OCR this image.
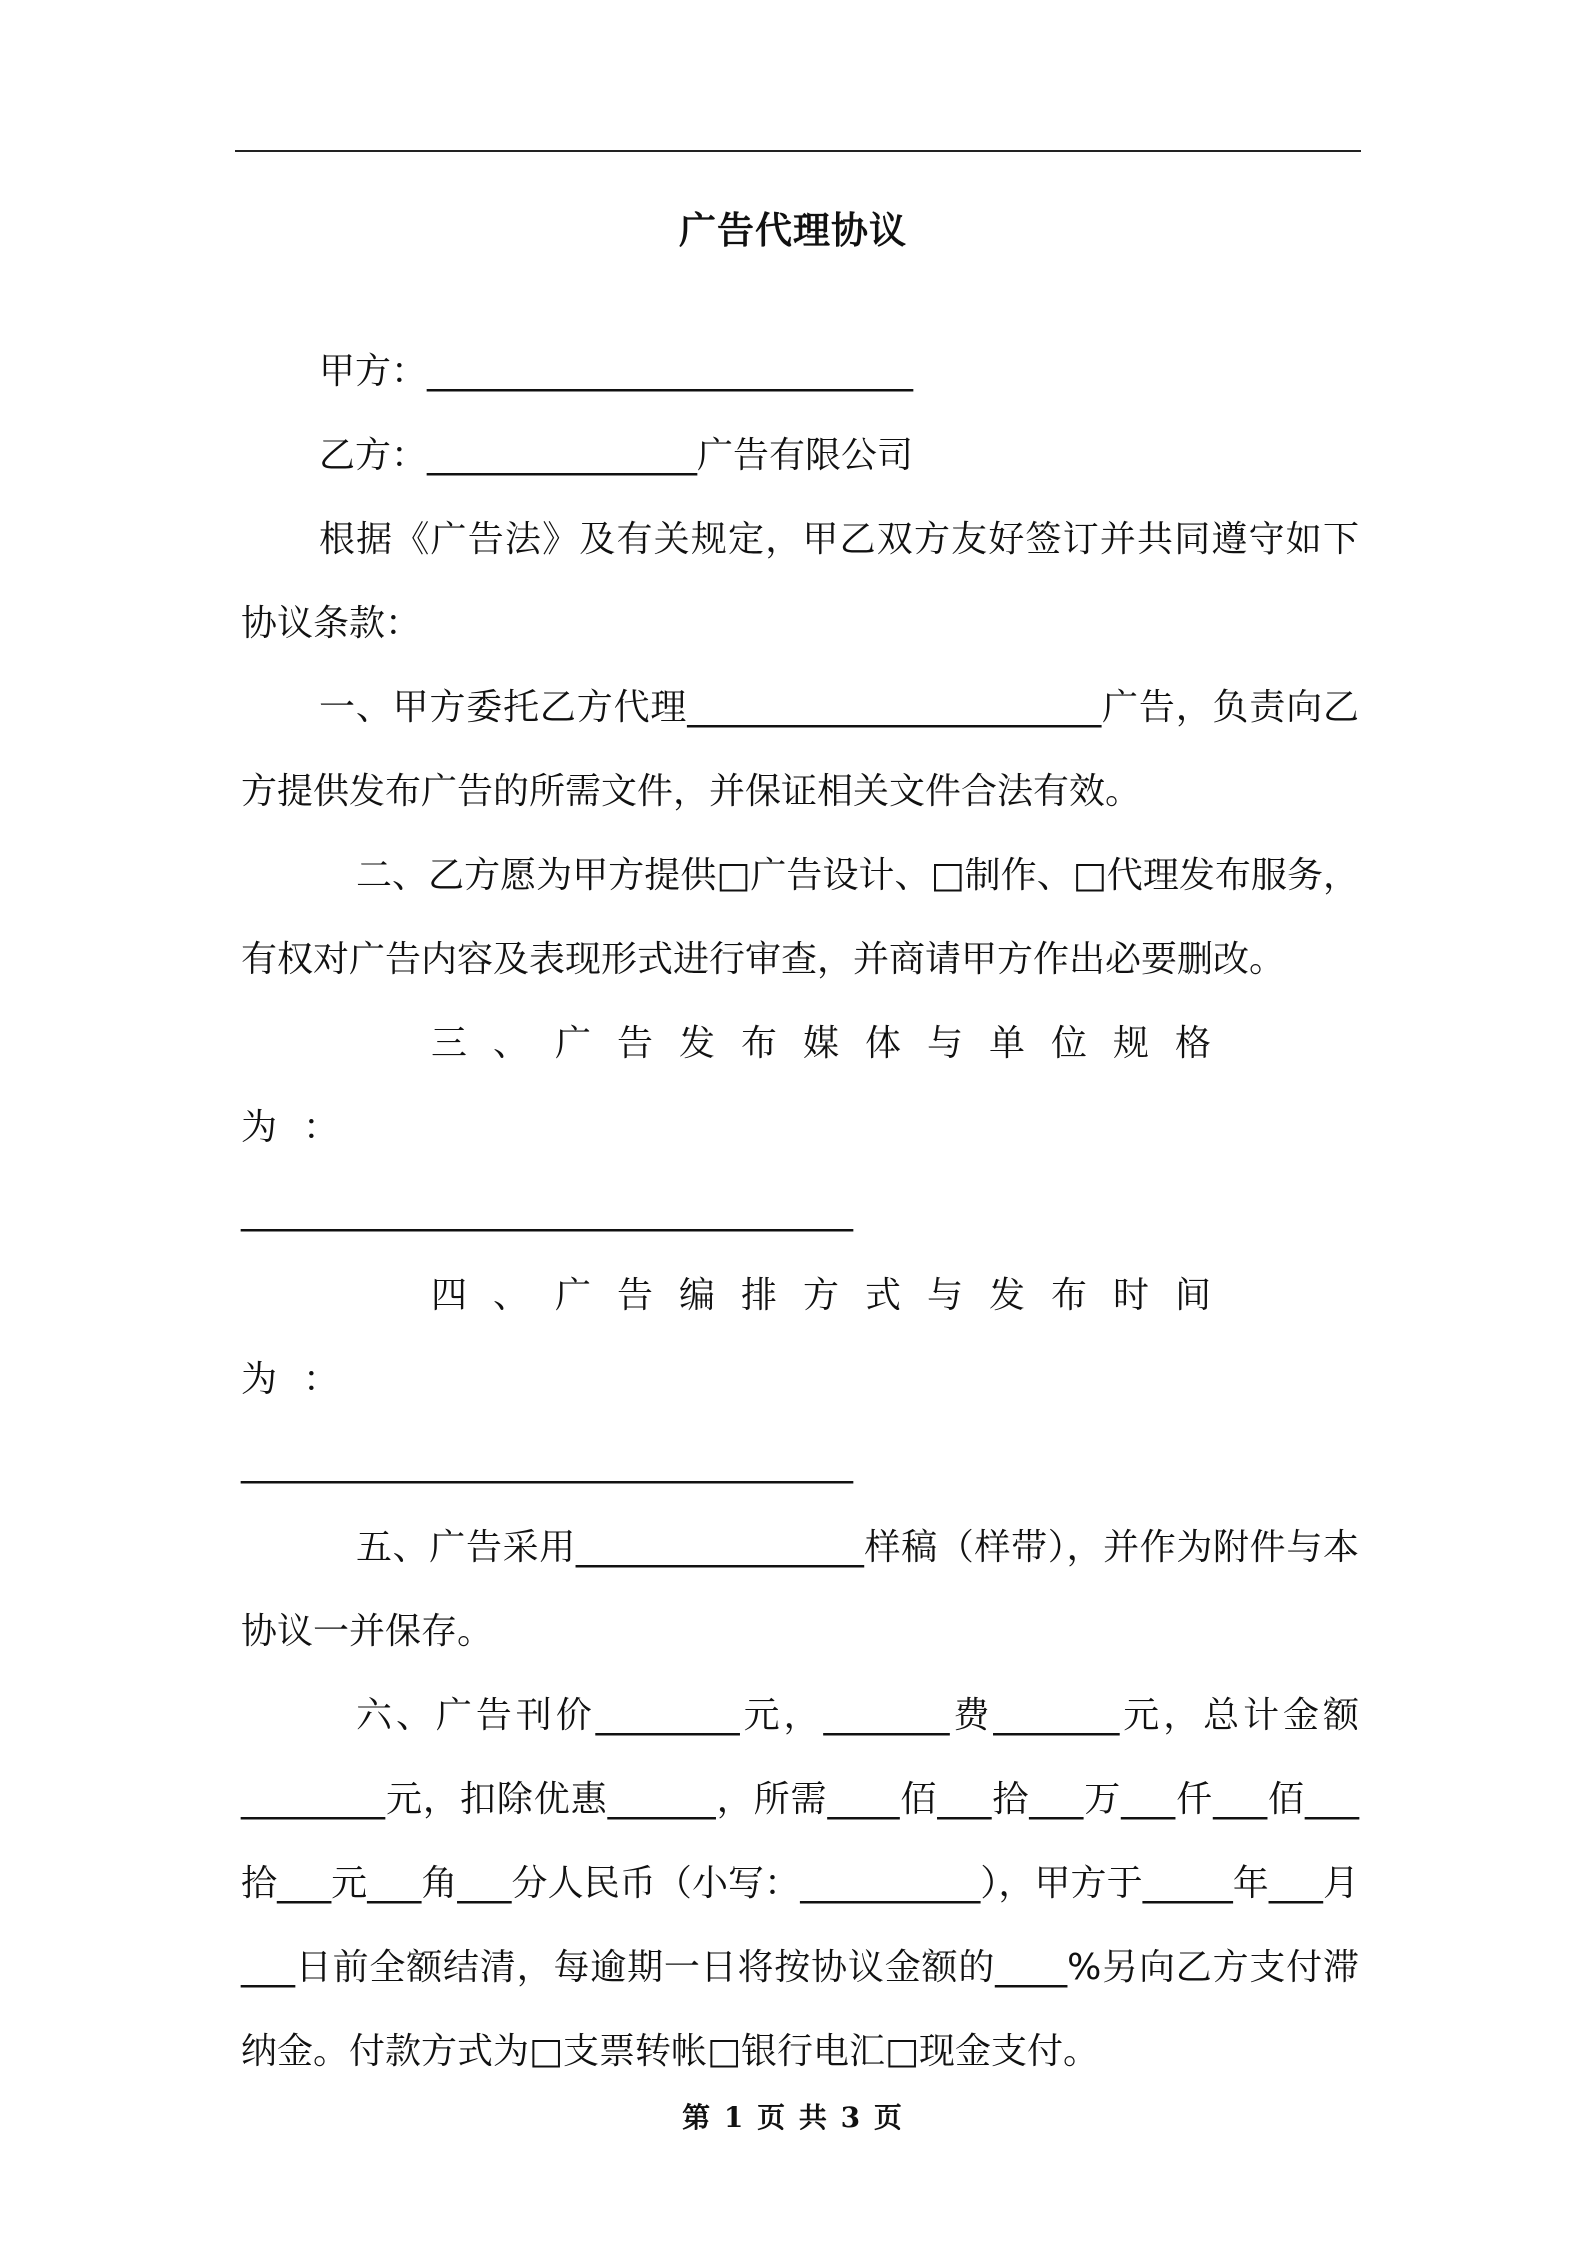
广告代理协议

甲方：___________________________

乙方：_______________广告有限公司

根据《广告法》及有关规定，甲乙双方友好签订并共同遵守如下协议条款：

一、甲方委托乙方代理_______________________广告，负责向乙方提供发布广告的所需文件，并保证相关文件合法有效。

二、乙方愿为甲方提供□广告设计、□制作、□代理发布服务，有权对广告内容及表现形式进行审查，并商请甲方作出必要删改。

三、广告发布媒体与单位规格为：

__________________________________

四、广告编排方式与发布时间为：

__________________________________

五、广告采用________________样稿（样带），并作为附件与本协议一并保存。

六、广告刊价________元，_______费_______元，总计金额________元，扣除优惠______，所需____佰___拾___万___仟___佰___拾___元___角___分人民币（小写：__________），甲方于_____年___月___日前全额结清，每逾期一日将按协议金额的____%另向乙方支付滞纳金。付款方式为□支票转帐□银行电汇□现金支付。

第 1 页 共 3 页
